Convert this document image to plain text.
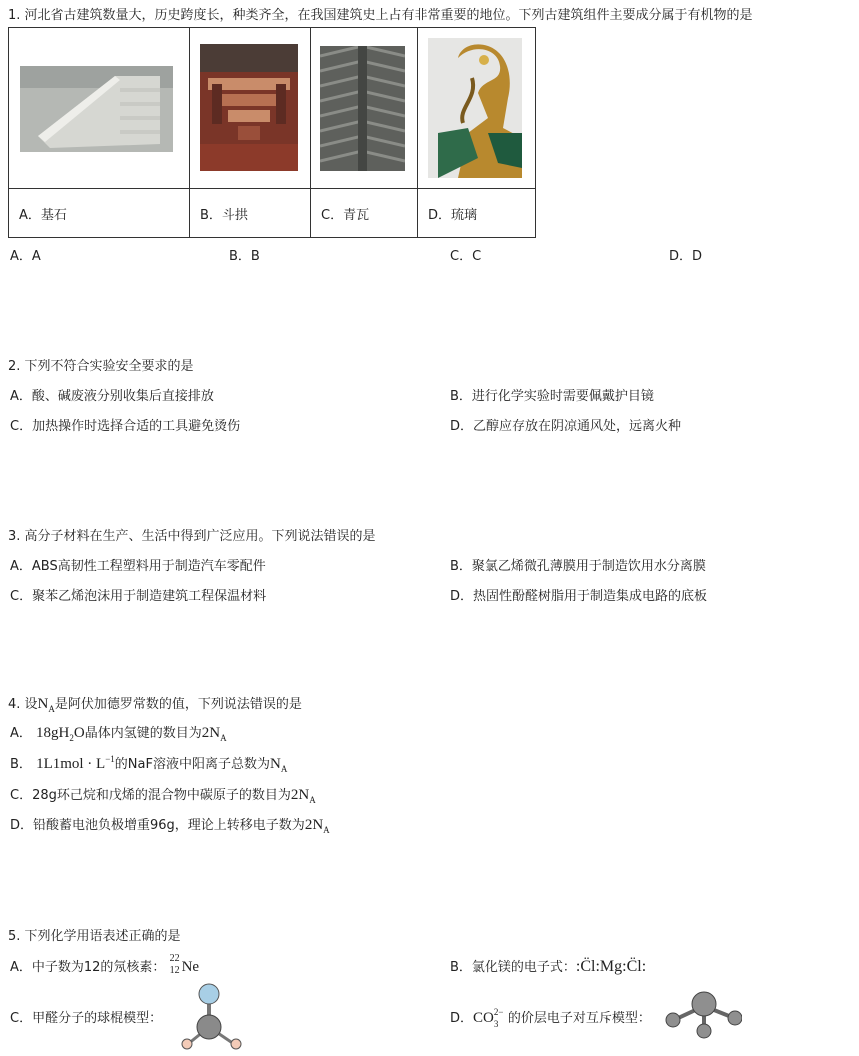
1. 河北省古建筑数量大，历史跨度长，种类齐全，在我国建筑史上占有非常重要的地位。下列古建筑组件主要成分属于有机物的是

A．基石	B．斗拱	C．青瓦	D．琉璃
A．A	B．B	C．C	D．D
2. 下列不符合实验安全要求的是
A．酸、碱废液分别收集后直接排放	B．进行化学实验时需要佩戴护目镜
C．加热操作时选择合适的工具避免烫伤	D．乙醇应存放在阴凉通风处，远离火种
3. 高分子材料在生产、生活中得到广泛应用。下列说法错误的是
A．ABS高韧性工程塑料用于制造汽车零配件	B．聚氯乙烯微孔薄膜用于制造饮用水分离膜
C．聚苯乙烯泡沫用于制造建筑工程保温材料	D．热固性酚醛树脂用于制造集成电路的底板
4. 设$N_A$是阿伏加德罗常数的值，下列说法错误的是
A． $18gH_2O$晶体内氢键的数目为$2N_A$
B． $1L1mol \cdot L^{-1}$的NaF溶液中阳离子总数为$N_A$
C．28g环己烷和戊烯的混合物中碳原子的数目为$2N_A$
D．铅酸蓄电池负极增重96g，理论上转移电子数为$2N_A$
5. 下列化学用语表述正确的是
A．中子数为12的氖核素：
22
12 Ne	B．氯化镁的电子式：:C̈l:Mg:C̈l:
C．甲醛分子的球棍模型：	D．CO 2−
3 的价层电子对互斥模型：
